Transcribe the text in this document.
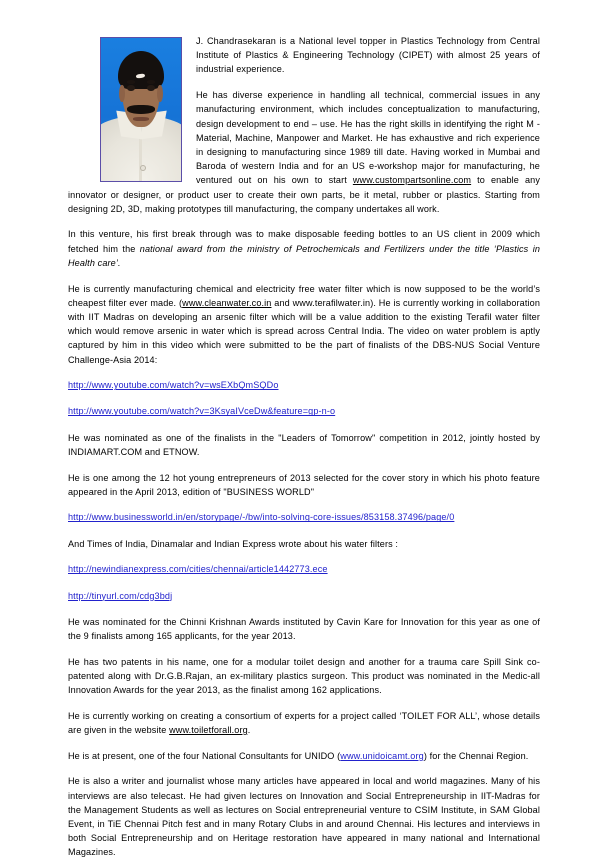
J. Chandrasekaran is a National level topper in Plastics Technology from Central Institute of Plastics & Engineering Technology (CIPET) with almost 25 years of industrial experience.

He has diverse experience in handling all technical, commercial issues in any manufacturing environment, which includes conceptualization to manufacturing, design development to end – use. He has the right skills in identifying the right M - Material, Machine, Manpower and Market. He has exhaustive and rich experience in designing to manufacturing since 1989 till date. Having worked in Mumbai and Baroda of western India and for an US e-workshop major for manufacturing, he ventured out on his own to start www.custompartsonline.com to enable any innovator or designer, or product user to create their own parts, be it metal, rubber or plastics. Starting from designing 2D, 3D, making prototypes till manufacturing, the company undertakes all work.

In this venture, his first break through was to make disposable feeding bottles to an US client in 2009 which fetched him the national award from the ministry of Petrochemicals and Fertilizers under the title ‘Plastics in Health care’.

He is currently manufacturing chemical and electricity free water filter which is now supposed to be the world’s cheapest filter ever made. (www.cleanwater.co.in and www.terafilwater.in). He is currently working in collaboration with IIT Madras on developing an arsenic filter which will be a value addition to the existing Terafil water filter which would remove arsenic in water which is spread across Central India. The video on water problem is aptly captured by him in this video which were submitted to be the part of finalists of the DBS-NUS Social Venture Challenge-Asia 2014:

http://www.youtube.com/watch?v=wsEXbQmSQDo

http://www.youtube.com/watch?v=3KsyaIVceDw&feature=gp-n-o

He was nominated as one of the finalists in the "Leaders of Tomorrow" competition in 2012, jointly hosted by INDIAMART.COM and ETNOW.

He is one among the 12 hot young entrepreneurs of 2013 selected for the cover story in which his photo feature appeared in the April 2013, edition of "BUSINESS WORLD"

http://www.businessworld.in/en/storypage/-/bw/into-solving-core-issues/853158.37496/page/0

And Times of India, Dinamalar and Indian Express wrote about his water filters :

http://newindianexpress.com/cities/chennai/article1442773.ece

http://tinyurl.com/cdg3bdj

He was nominated for the Chinni Krishnan Awards instituted by Cavin Kare for Innovation for this year as one of the 9 finalists among 165 applicants, for the year 2013.

He has two patents in his name, one for a modular toilet design and another for a trauma care Spill Sink co-patented along with Dr.G.B.Rajan, an ex-military plastics surgeon. This product was nominated in the Medic-all Innovation Awards for the year 2013, as the finalist among 162 applications.

He is currently working on creating a consortium of experts for a project called ‘TOILET FOR ALL’, whose details are given in the website www.toiletforall.org.

He is at present, one of the four National Consultants for UNIDO (www.unidoicamt.org) for the Chennai Region.

He is also a writer and journalist whose many articles have appeared in local and world magazines. Many of his interviews are also telecast. He had given lectures on Innovation and Social Entrepreneurship in IIT-Madras for the Management Students as well as lectures on Social entrepreneurial venture to CSIM Institute, in SAM Global Event, in TiE Chennai Pitch fest and in many Rotary Clubs in and around Chennai. His lectures and interviews in both Social Entrepreneurship and on Heritage restoration have appeared in many national and International Magazines.
